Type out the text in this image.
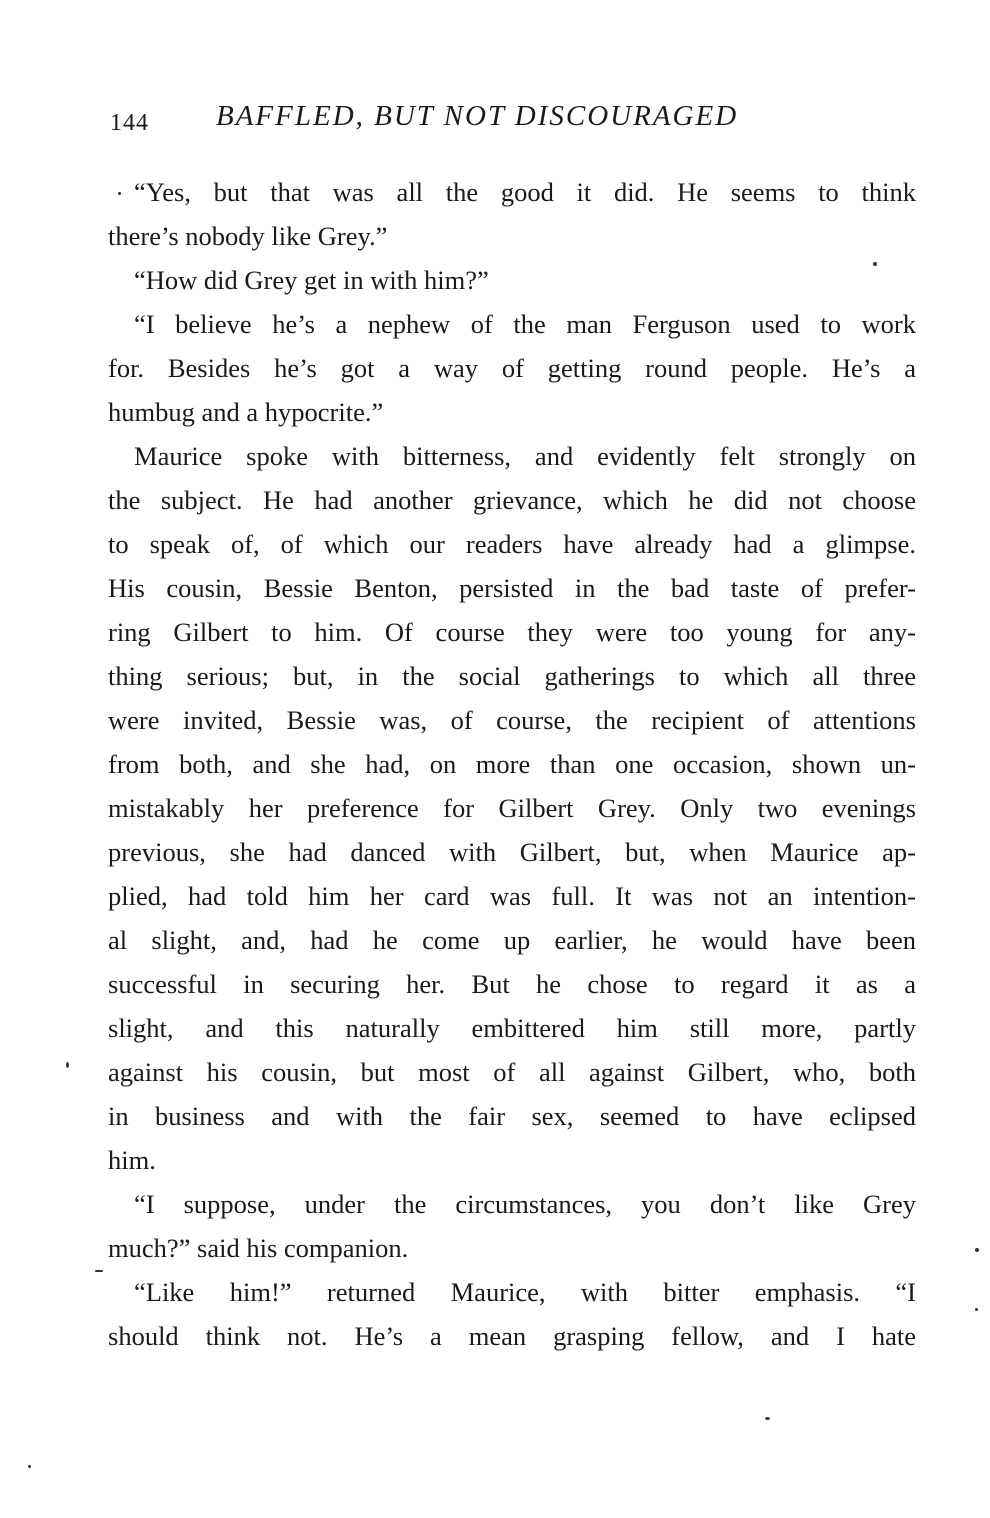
144 BAFFLED, BUT NOT DISCOURAGED
“Yes, but that was all the good it did. He seems to think
there’s nobody like Grey.”
“How did Grey get in with him?”
“I believe he’s a nephew of the man Ferguson used to work
for. Besides he’s got a way of getting round people. He’s a
humbug and a hypocrite.”
Maurice spoke with bitterness, and evidently felt strongly on
the subject. He had another grievance, which he did not choose
to speak of, of which our readers have already had a glimpse.
His cousin, Bessie Benton, persisted in the bad taste of prefer-
ring Gilbert to him. Of course they were too young for any-
thing serious; but, in the social gatherings to which all three
were invited, Bessie was, of course, the recipient of attentions
from both, and she had, on more than one occasion, shown un-
mistakably her preference for Gilbert Grey. Only two evenings
previous, she had danced with Gilbert, but, when Maurice ap-
plied, had told him her card was full. It was not an intention-
al slight, and, had he come up earlier, he would have been
successful in securing her. But he chose to regard it as a
slight, and this naturally embittered him still more, partly
against his cousin, but most of all against Gilbert, who, both
in business and with the fair sex, seemed to have eclipsed
him.
“I suppose, under the circumstances, you don’t like Grey
much?” said his companion.
“Like him!” returned Maurice, with bitter emphasis. “I
should think not. He’s a mean grasping fellow, and I hate
